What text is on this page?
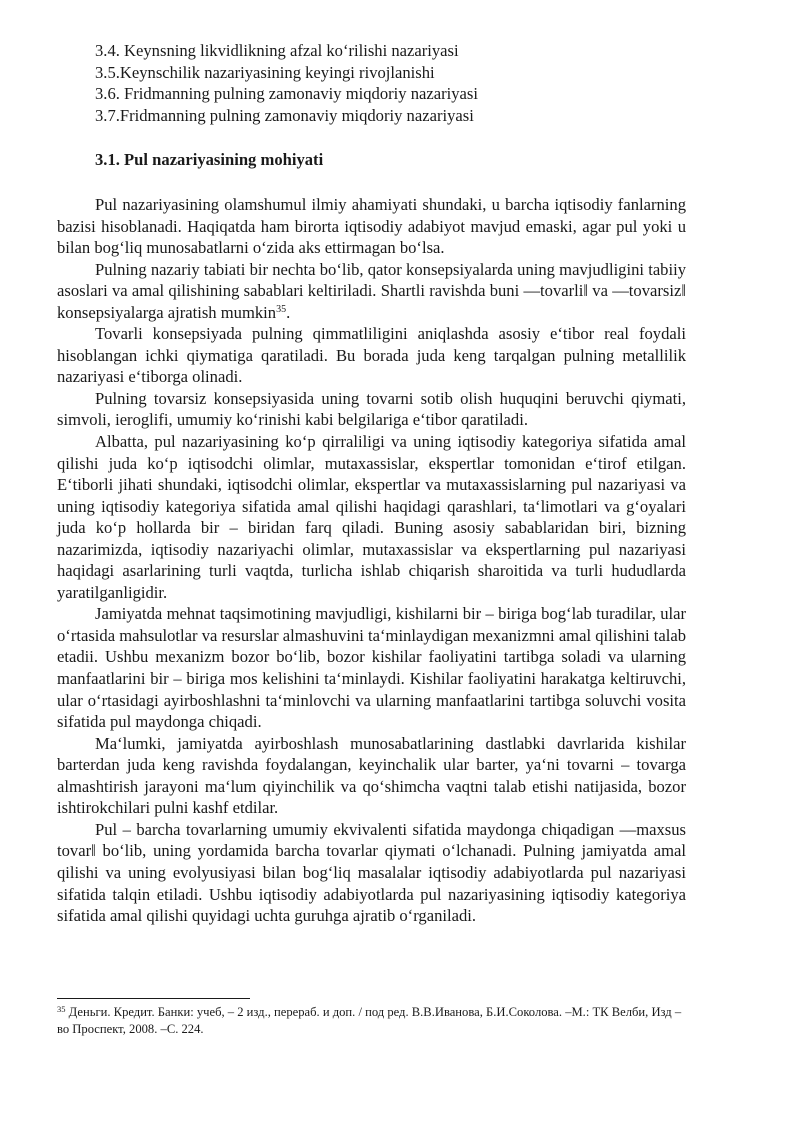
3.4. Keynsning likvidlikning afzal ko‘rilishi nazariyasi
3.5.Keynschilik nazariyasining keyingi rivojlanishi
3.6. Fridmanning pulning zamonaviy miqdoriy nazariyasi
3.7.Fridmanning pulning zamonaviy miqdoriy nazariyasi
3.1. Pul nazariyasining mohiyati

Pul nazariyasining olamshumul ilmiy ahamiyati shundaki, u barcha iqtisodiy fanlarning bazisi hisoblanadi. Haqiqatda ham birorta iqtisodiy adabiyot mavjud emaski, agar pul yoki u bilan bog‘liq munosabatlarni o‘zida aks ettirmagan bo‘lsa.

Pulning nazariy tabiati bir nechta bo‘lib, qator konsepsiyalarda uning mavjudligini tabiiy asoslari va amal qilishining sabablari keltiriladi. Shartli ravishda buni ―tovarli‖ va ―tovarsiz‖ konsepsiyalarga ajratish mumkin$^{35}$.

Tovarli konsepsiyada pulning qimmatliligini aniqlashda asosiy e‘tibor real foydali hisoblangan ichki qiymatiga qaratiladi. Bu borada juda keng tarqalgan pulning metallilik nazariyasi e‘tiborga olinadi.

Pulning tovarsiz konsepsiyasida uning tovarni sotib olish huquqini beruvchi qiymati, simvoli, ieroglifi, umumiy ko‘rinishi kabi belgilariga e‘tibor qaratiladi.

Albatta, pul nazariyasining ko‘p qirraliligi va uning iqtisodiy kategoriya sifatida amal qilishi juda ko‘p iqtisodchi olimlar, mutaxassislar, ekspertlar tomonidan e‘tirof etilgan. E‘tiborli jihati shundaki, iqtisodchi olimlar, ekspertlar va mutaxassislarning pul nazariyasi va uning iqtisodiy kategoriya sifatida amal qilishi haqidagi qarashlari, ta‘limotlari va g‘oyalari juda ko‘p hollarda bir – biridan farq qiladi. Buning asosiy sabablaridan biri, bizning nazarimizda, iqtisodiy nazariyachi olimlar, mutaxassislar va ekspertlarning pul nazariyasi haqidagi asarlarining turli vaqtda, turlicha ishlab chiqarish sharoitida va turli hududlarda yaratilganligidir.

Jamiyatda mehnat taqsimotining mavjudligi, kishilarni bir – biriga bog‘lab turadilar, ular o‘rtasida mahsulotlar va resurslar almashuvini ta‘minlaydigan mexanizmni amal qilishini talab etadii. Ushbu mexanizm bozor bo‘lib, bozor kishilar faoliyatini tartibga soladi va ularning manfaatlarini bir – biriga mos kelishini ta‘minlaydi. Kishilar faoliyatini harakatga keltiruvchi, ular o‘rtasidagi ayirboshlashni ta‘minlovchi va ularning manfaatlarini tartibga soluvchi vosita sifatida pul maydonga chiqadi.

Ma‘lumki, jamiyatda ayirboshlash munosabatlarining dastlabki davrlarida kishilar barterdan juda keng ravishda foydalangan, keyinchalik ular barter, ya‘ni tovarni – tovarga almashtirish jarayoni ma‘lum qiyinchilik va qo‘shimcha vaqtni talab etishi natijasida, bozor ishtirokchilari pulni kashf etdilar.

Pul – barcha tovarlarning umumiy ekvivalenti sifatida maydonga chiqadigan ―maxsus tovar‖ bo‘lib, uning yordamida barcha tovarlar qiymati o‘lchanadi. Pulning jamiyatda amal qilishi va uning evolyusiyasi bilan bog‘liq masalalar iqtisodiy adabiyotlarda pul nazariyasi sifatida talqin etiladi. Ushbu iqtisodiy adabiyotlarda pul nazariyasining iqtisodiy kategoriya sifatida amal qilishi quyidagi uchta guruhga ajratib o‘rganiladi.

$^{35}$ Деньги. Кредит. Банки: учеб, – 2 изд., перераб. и доп. / под ред. В.В.Иванова, Б.И.Соколова. –М.: ТК Велби, Изд – во Проспект, 2008. –С. 224.
